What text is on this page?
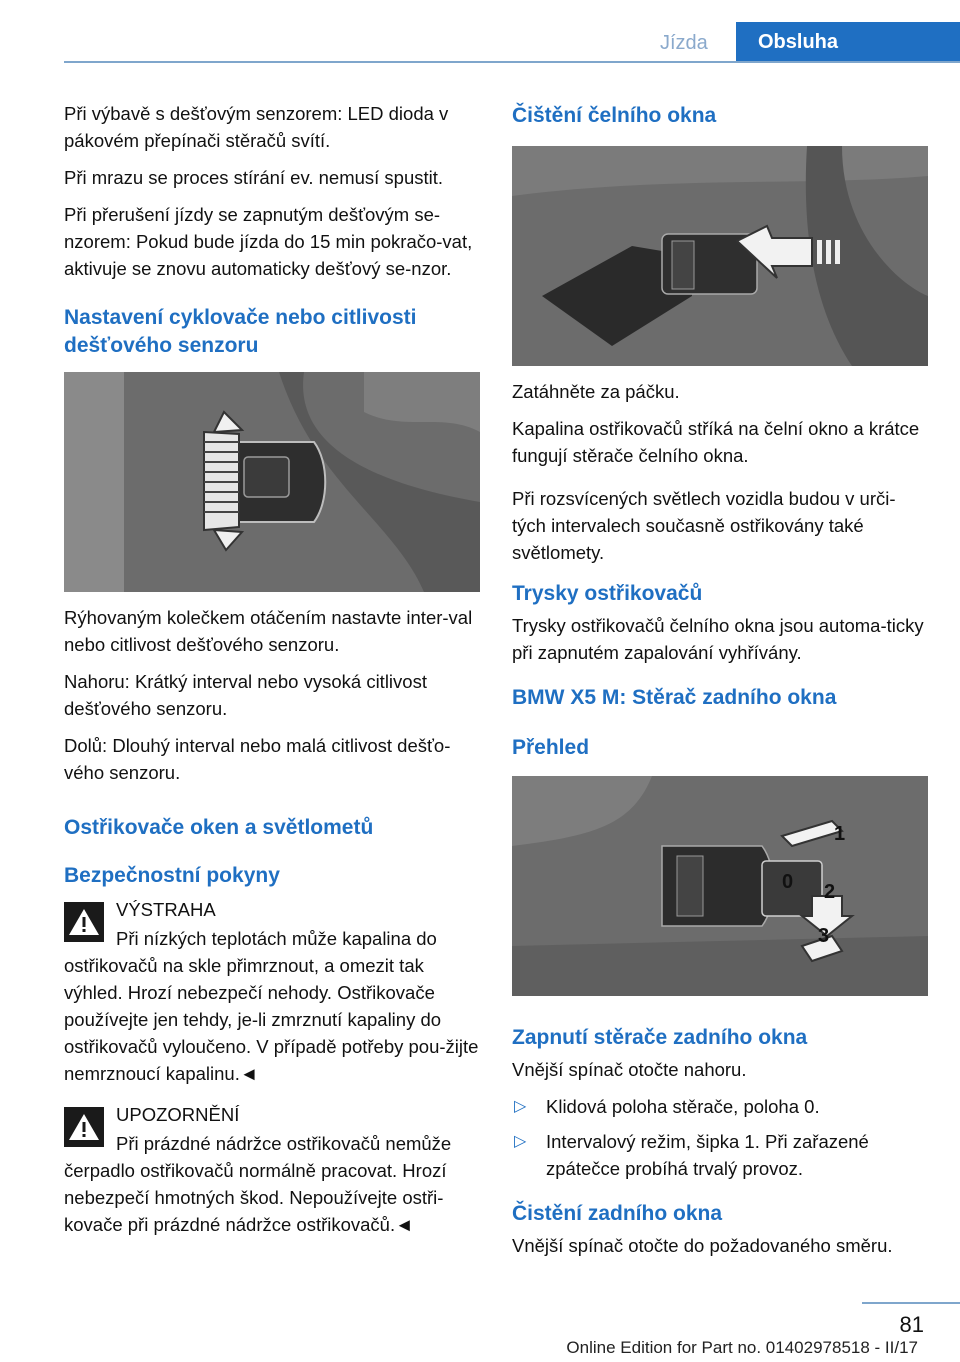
Jízda	Obsluha

Při výbavě s dešťovým senzorem: LED dioda v pákovém přepínači stěračů svítí.

Při mrazu se proces stírání ev. nemusí spustit.

Při přerušení jízdy se zapnutým dešťovým se‐nzorem: Pokud bude jízda do 15 min pokračo‐vat, aktivuje se znovu automaticky dešťový se‐nzor.

Nastavení cyklovače nebo citlivosti dešťového senzoru

Rýhovaným kolečkem otáčením nastavte inter‐val nebo citlivost dešťového senzoru.

Nahoru: Krátký interval nebo vysoká citlivost dešťového senzoru.

Dolů: Dlouhý interval nebo malá citlivost dešťo‐vého senzoru.

Ostřikovače oken a světlometů
Bezpečnostní pokyny

VÝSTRAHA

Při nízkých teplotách může kapalina do ostřikovačů na skle přimrznout, a omezit tak výhled. Hrozí nebezpečí nehody. Ostřikovače používejte jen tehdy, je-li zmrznutí kapaliny do ostřikovačů vyloučeno. V případě potřeby pou‐žijte nemrznoucí kapalinu.◄

UPOZORNĚNÍ

Při prázdné nádržce ostřikovačů nemůže čerpadlo ostřikovačů normálně pracovat. Hrozí nebezpečí hmotných škod. Nepoužívejte ostři‐kovače při prázdné nádržce ostřikovačů.◄

Čištění čelního okna

Zatáhněte za páčku.

Kapalina ostřikovačů stříká na čelní okno a krátce fungují stěrače čelního okna.

Při rozsvícených světlech vozidla budou v urči‐tých intervalech současně ostřikovány také světlomety.

Trysky ostřikovačů

Trysky ostřikovačů čelního okna jsou automa‐ticky při zapnutém zapalování vyhřívány.

BMW X5 M: Stěrač zadního okna
Přehled
1
0 2
3
Zapnutí stěrače zadního okna

Vnější spínač otočte nahoru.

▷ Klidová poloha stěrače, poloha 0.
▷ Intervalový režim, šipka 1. Při zařazené zpátečce probíhá trvalý provoz.
Čistění zadního okna

Vnější spínač otočte do požadovaného směru.

81
Online Edition for Part no. 01402978518 - II/17
